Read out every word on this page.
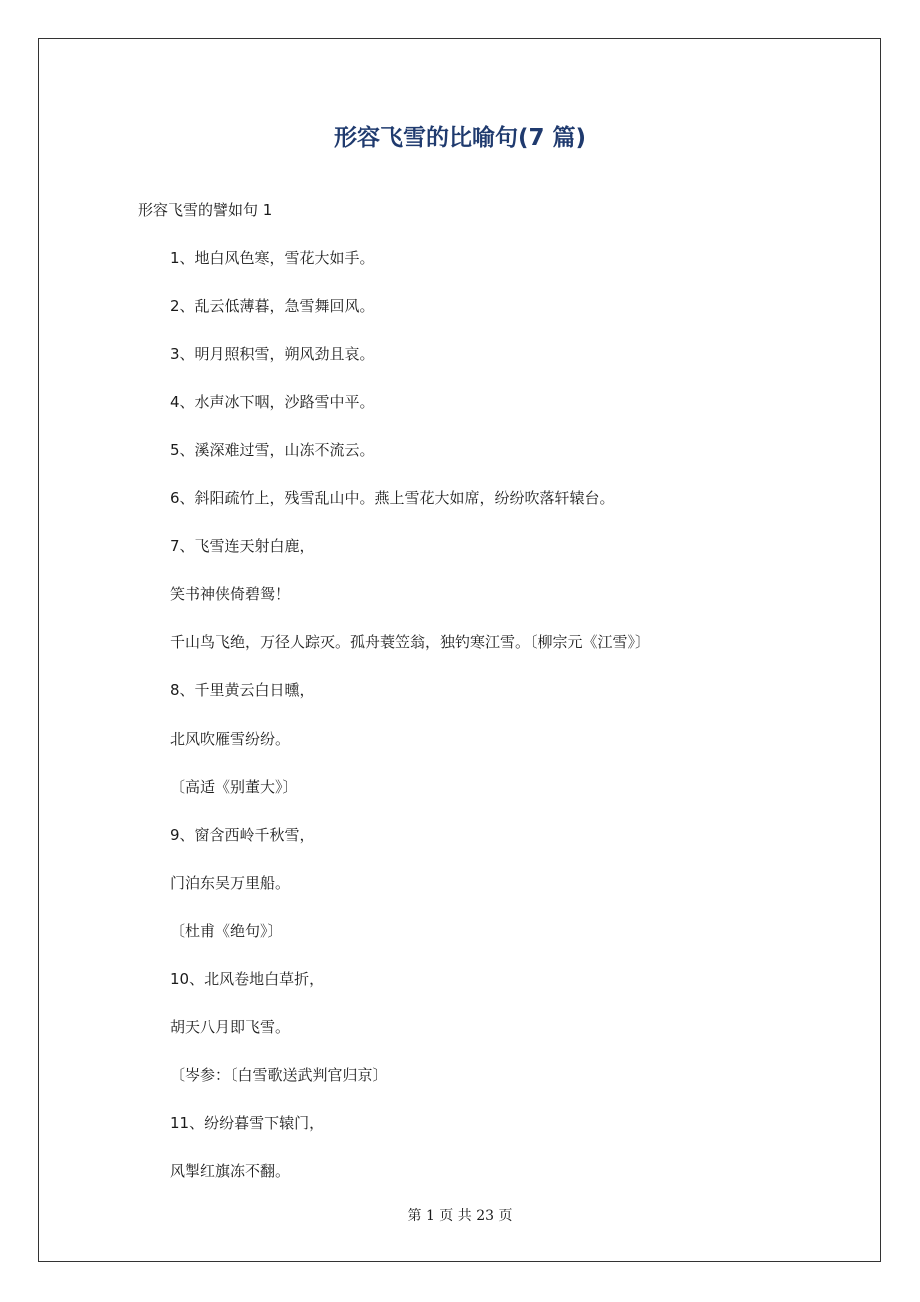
形容飞雪的比喻句(7 篇)

形容飞雪的譬如句 1

1、地白风色寒，雪花大如手。

2、乱云低薄暮，急雪舞回风。

3、明月照积雪，朔风劲且哀。

4、水声冰下咽，沙路雪中平。

5、溪深难过雪，山冻不流云。

6、斜阳疏竹上，残雪乱山中。燕上雪花大如席，纷纷吹落轩辕台。

7、飞雪连天射白鹿，

笑书神侠倚碧鸳！

千山鸟飞绝，万径人踪灭。孤舟蓑笠翁，独钓寒江雪。〔柳宗元《江雪》〕

8、千里黄云白日曛，

北风吹雁雪纷纷。

〔高适《别董大》〕

9、窗含西岭千秋雪，

门泊东吴万里船。

〔杜甫《绝句》〕

10、北风卷地白草折，

胡天八月即飞雪。

〔岑参：〔白雪歌送武判官归京〕

11、纷纷暮雪下辕门，

风掣红旗冻不翻。

第 1 页 共 23 页
